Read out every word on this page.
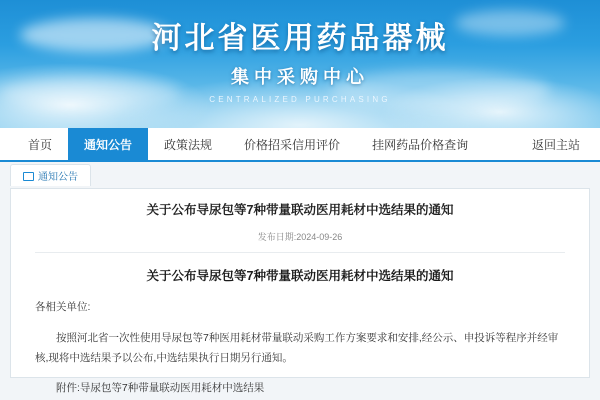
河北省医用药品器械
集中采购中心
CENTRALIZED PURCHASING
首页	通知公告	政策法规	价格招采信用评价	挂网药品价格查询	返回主站
通知公告
关于公布导尿包等7种带量联动医用耗材中选结果的通知
发布日期:2024-09-26
关于公布导尿包等7种带量联动医用耗材中选结果的通知
各相关单位:
按照河北省一次性使用导尿包等7种医用耗材带量联动采购工作方案要求和安排,经公示、申投诉等程序并经审核,现将中选结果予以公布,中选结果执行日期另行通知。
附件:导尿包等7种带量联动医用耗材中选结果
